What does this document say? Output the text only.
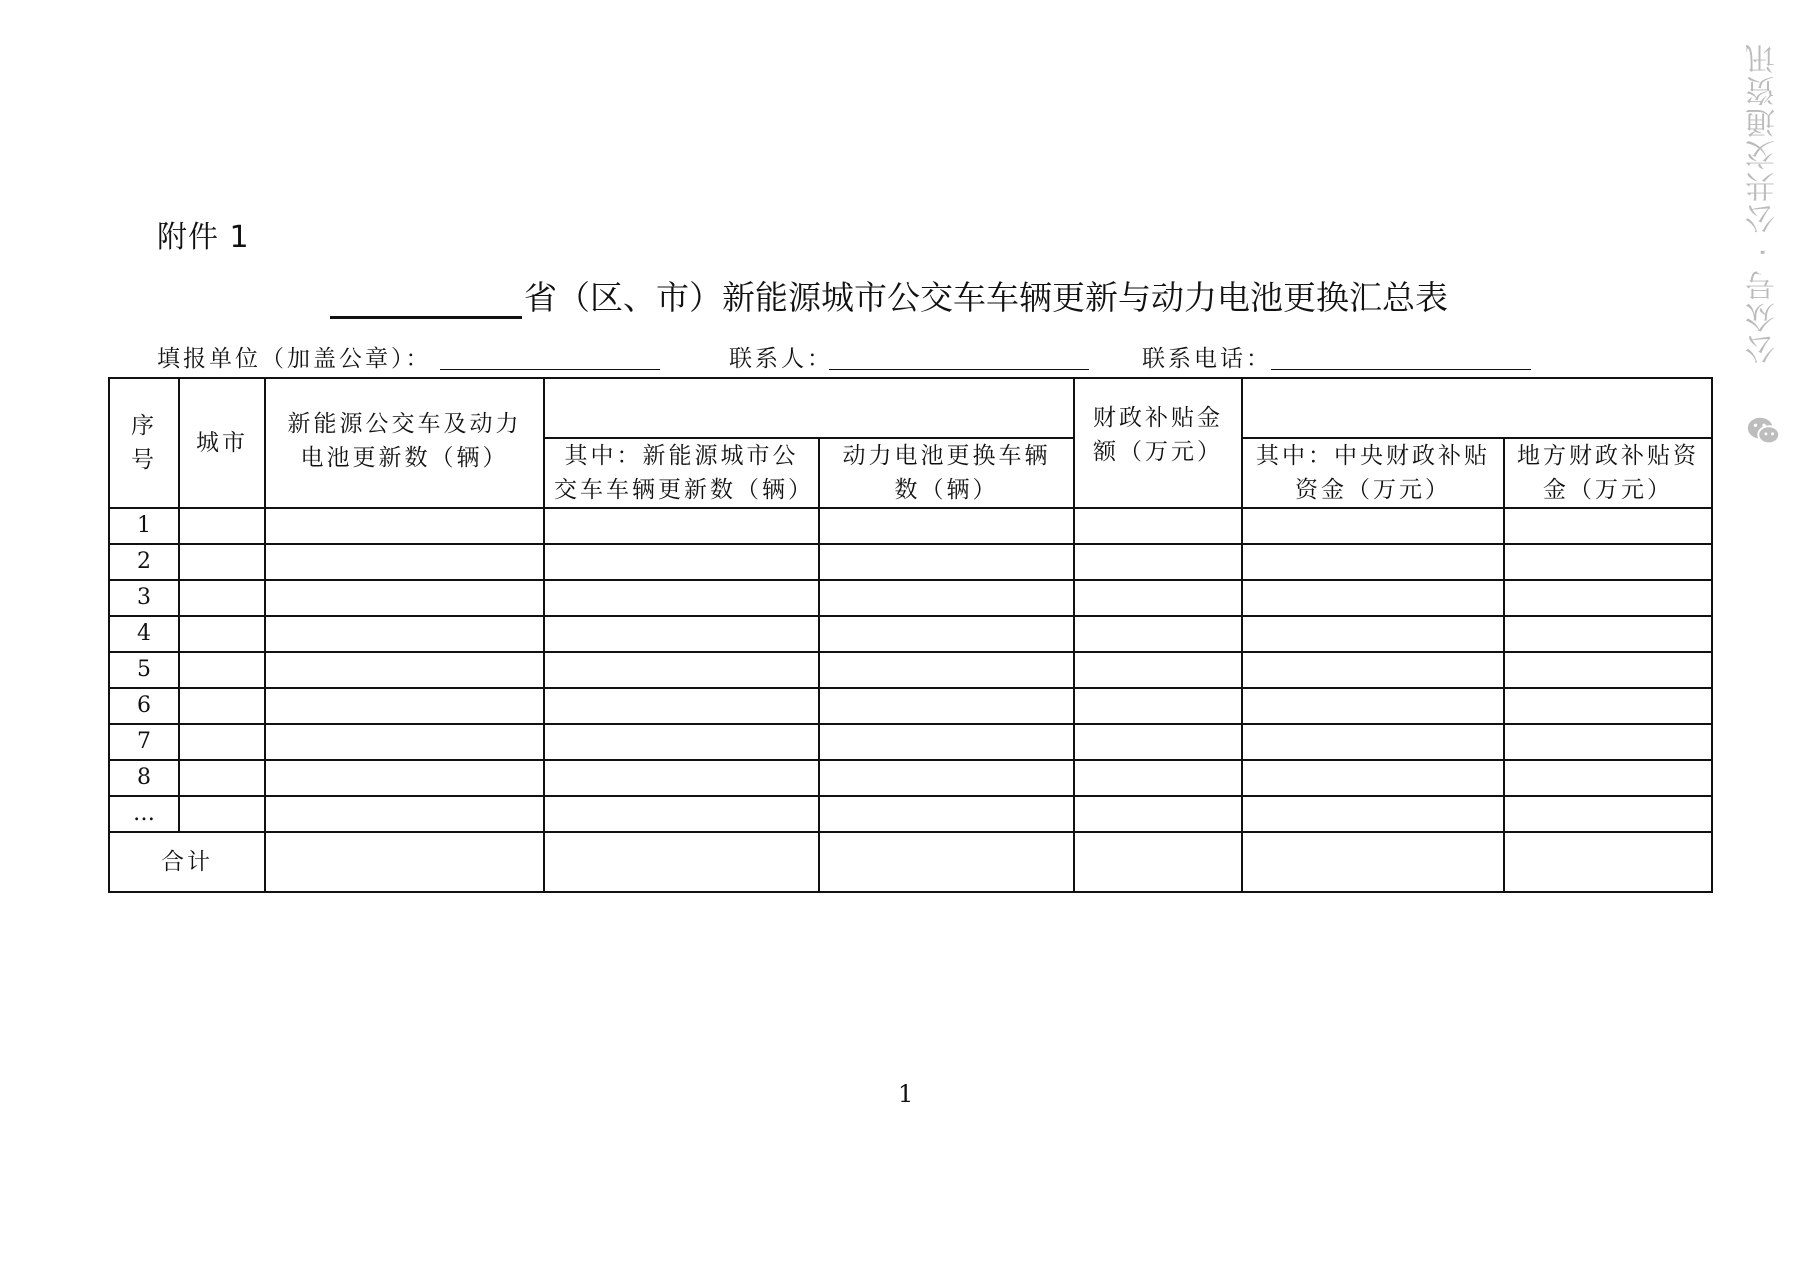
附件 1
省（区、市）新能源城市公交车车辆更新与动力电池更换汇总表
填报单位（加盖公章）：	联系人：	联系电话：
序号	城市	新能源公交车及动力电池更新数（辆）			财政补贴金额（万元）		

			其中：新能源城市公交车车辆更新数（辆）	动力电池更换车辆数（辆）		其中：中央财政补贴资金（万元）	地方财政补贴资金（万元）

1							
2							
3							
4							
5							
6							
7							
8							
…							
合计							
1
公众号 · 公共交通资讯
